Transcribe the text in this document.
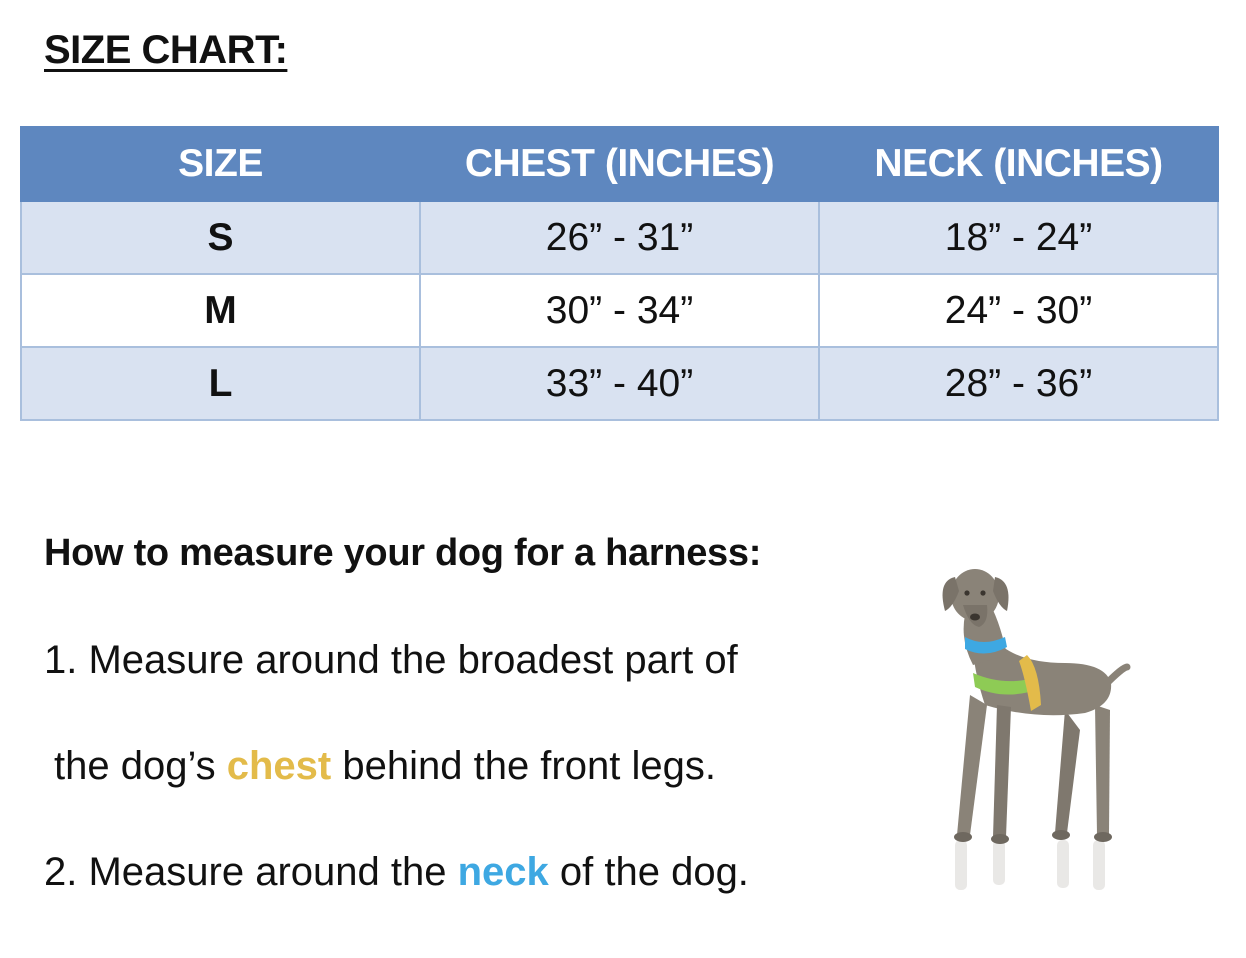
SIZE CHART:
SIZE	CHEST (INCHES)	NECK (INCHES)
S	26” - 31”	18” - 24”
M	30” - 34”	24” - 30”
L	33” - 40”	28” - 36”
How to measure your dog for a harness:
1. Measure around the broadest part of
the dog’s chest behind the front legs.
2. Measure around the neck of the dog.
